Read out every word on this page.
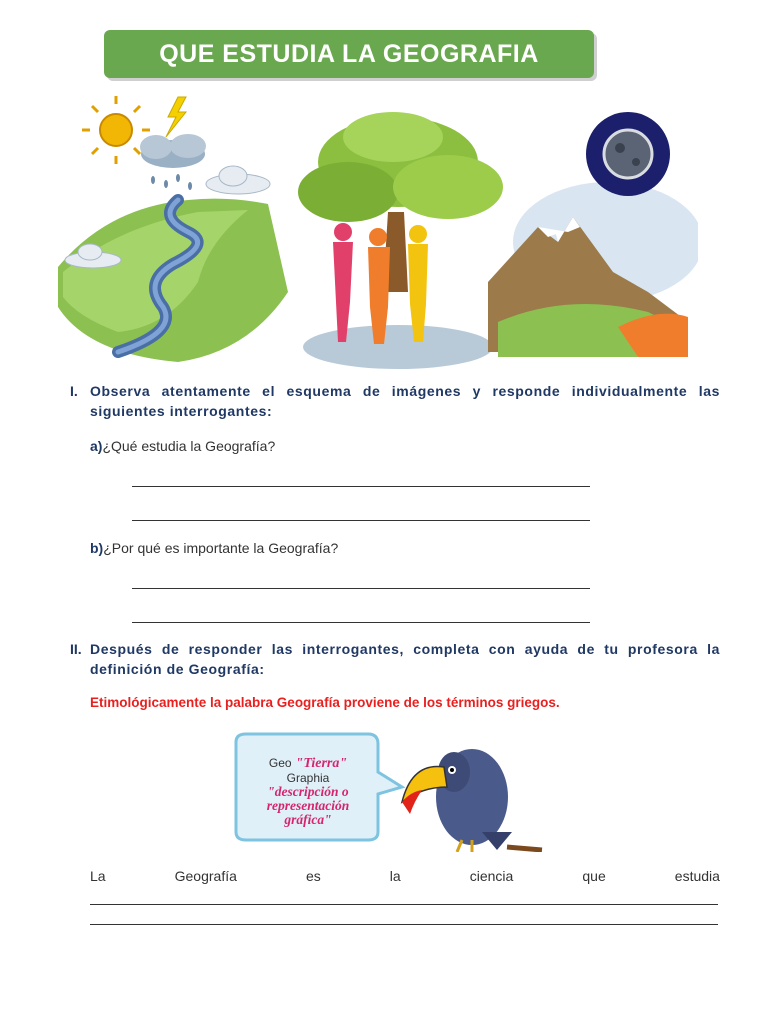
QUE ESTUDIA LA GEOGRAFIA
I. Observa atentamente el esquema de imágenes y responde individualmente las siguientes interrogantes:
a)¿Qué estudia la Geografía?
b)¿Por qué es importante la Geografía?
II. Después de responder las interrogantes, completa con ayuda de tu profesora la definición de Geografía:
Etimológicamente la palabra Geografía proviene de los términos griegos.
Geo "Tierra"
Graphia
"descripción o
representación
gráfica"
La	Geografía	es	la	ciencia	que	estudia
